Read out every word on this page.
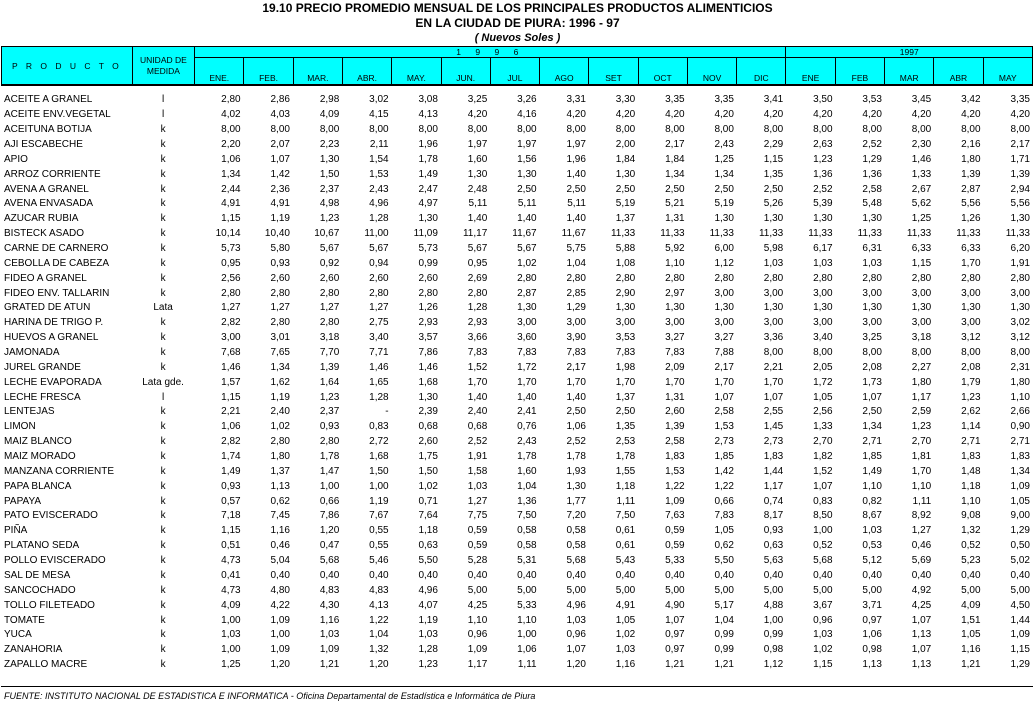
19.10 PRECIO PROMEDIO MENSUAL DE LOS PRINCIPALES PRODUCTOS ALIMENTICIOS
EN LA CIUDAD DE PIURA: 1996 - 97
( Nuevos Soles )
P R O D U C T O	UNIDAD DE MEDIDA	1 9 9 6												1997				
		ENE.	FEB.	MAR.	ABR.	MAY.	JUN.	JUL	AGO	SET	OCT	NOV	DIC	ENE	FEB	MAR	ABR	MAY
ACEITE A GRANEL	l	2,80	2,86	2,98	3,02	3,08	3,25	3,26	3,31	3,30	3,35	3,35	3,41	3,50	3,53	3,45	3,42	3,35
ACEITE ENV.VEGETAL	l	4,02	4,03	4,09	4,15	4,13	4,20	4,16	4,20	4,20	4,20	4,20	4,20	4,20	4,20	4,20	4,20	4,20
ACEITUNA BOTIJA	k	8,00	8,00	8,00	8,00	8,00	8,00	8,00	8,00	8,00	8,00	8,00	8,00	8,00	8,00	8,00	8,00	8,00
AJI ESCABECHE	k	2,20	2,07	2,23	2,11	1,96	1,97	1,97	1,97	2,00	2,17	2,43	2,29	2,63	2,52	2,30	2,16	2,17
APIO	k	1,06	1,07	1,30	1,54	1,78	1,60	1,56	1,96	1,84	1,84	1,25	1,15	1,23	1,29	1,46	1,80	1,71
ARROZ CORRIENTE	k	1,34	1,42	1,50	1,53	1,49	1,30	1,30	1,40	1,30	1,34	1,34	1,35	1,36	1,36	1,33	1,39	1,39
AVENA A GRANEL	k	2,44	2,36	2,37	2,43	2,47	2,48	2,50	2,50	2,50	2,50	2,50	2,50	2,52	2,58	2,67	2,87	2,94
AVENA ENVASADA	k	4,91	4,91	4,98	4,96	4,97	5,11	5,11	5,11	5,19	5,21	5,19	5,26	5,39	5,48	5,62	5,56	5,56
AZUCAR RUBIA	k	1,15	1,19	1,23	1,28	1,30	1,40	1,40	1,40	1,37	1,31	1,30	1,30	1,30	1,30	1,25	1,26	1,30
BISTECK ASADO	k	10,14	10,40	10,67	11,00	11,09	11,17	11,67	11,67	11,33	11,33	11,33	11,33	11,33	11,33	11,33	11,33	11,33
CARNE DE CARNERO	k	5,73	5,80	5,67	5,67	5,73	5,67	5,67	5,75	5,88	5,92	6,00	5,98	6,17	6,31	6,33	6,33	6,20
CEBOLLA DE CABEZA	k	0,95	0,93	0,92	0,94	0,99	0,95	1,02	1,04	1,08	1,10	1,12	1,03	1,03	1,03	1,15	1,70	1,91
FIDEO A GRANEL	k	2,56	2,60	2,60	2,60	2,60	2,69	2,80	2,80	2,80	2,80	2,80	2,80	2,80	2,80	2,80	2,80	2,80
FIDEO ENV. TALLARIN	k	2,80	2,80	2,80	2,80	2,80	2,80	2,87	2,85	2,90	2,97	3,00	3,00	3,00	3,00	3,00	3,00	3,00
GRATED DE ATUN	Lata	1,27	1,27	1,27	1,27	1,26	1,28	1,30	1,29	1,30	1,30	1,30	1,30	1,30	1,30	1,30	1,30	1,30
HARINA DE TRIGO P.	k	2,82	2,80	2,80	2,75	2,93	2,93	3,00	3,00	3,00	3,00	3,00	3,00	3,00	3,00	3,00	3,00	3,02
HUEVOS A GRANEL	k	3,00	3,01	3,18	3,40	3,57	3,66	3,60	3,90	3,53	3,27	3,27	3,36	3,40	3,25	3,18	3,12	3,12
JAMONADA	k	7,68	7,65	7,70	7,71	7,86	7,83	7,83	7,83	7,83	7,83	7,88	8,00	8,00	8,00	8,00	8,00	8,00
JUREL GRANDE	k	1,46	1,34	1,39	1,46	1,46	1,52	1,72	2,17	1,98	2,09	2,17	2,21	2,05	2,08	2,27	2,08	2,31
LECHE EVAPORADA	Lata gde.	1,57	1,62	1,64	1,65	1,68	1,70	1,70	1,70	1,70	1,70	1,70	1,70	1,72	1,73	1,80	1,79	1,80
LECHE FRESCA	l	1,15	1,19	1,23	1,28	1,30	1,40	1,40	1,40	1,37	1,31	1,07	1,07	1,05	1,07	1,17	1,23	1,10
LENTEJAS	k	2,21	2,40	2,37	-	2,39	2,40	2,41	2,50	2,50	2,60	2,58	2,55	2,56	2,50	2,59	2,62	2,66
LIMON	k	1,06	1,02	0,93	0,83	0,68	0,68	0,76	1,06	1,35	1,39	1,53	1,45	1,33	1,34	1,23	1,14	0,90
MAIZ BLANCO	k	2,82	2,80	2,80	2,72	2,60	2,52	2,43	2,52	2,53	2,58	2,73	2,73	2,70	2,71	2,70	2,71	2,71
MAIZ MORADO	k	1,74	1,80	1,78	1,68	1,75	1,91	1,78	1,78	1,78	1,83	1,85	1,83	1,82	1,85	1,81	1,83	1,83
MANZANA CORRIENTE	k	1,49	1,37	1,47	1,50	1,50	1,58	1,60	1,93	1,55	1,53	1,42	1,44	1,52	1,49	1,70	1,48	1,34
PAPA BLANCA	k	0,93	1,13	1,00	1,00	1,02	1,03	1,04	1,30	1,18	1,22	1,22	1,17	1,07	1,10	1,10	1,18	1,09
PAPAYA	k	0,57	0,62	0,66	1,19	0,71	1,27	1,36	1,77	1,11	1,09	0,66	0,74	0,83	0,82	1,11	1,10	1,05
PATO EVISCERADO	k	7,18	7,45	7,86	7,67	7,64	7,75	7,50	7,20	7,50	7,63	7,83	8,17	8,50	8,67	8,92	9,08	9,00
PIÑA	k	1,15	1,16	1,20	0,55	1,18	0,59	0,58	0,58	0,61	0,59	1,05	0,93	1,00	1,03	1,27	1,32	1,29
PLATANO SEDA	k	0,51	0,46	0,47	0,55	0,63	0,59	0,58	0,58	0,61	0,59	0,62	0,63	0,52	0,53	0,46	0,52	0,50
POLLO EVISCERADO	k	4,73	5,04	5,68	5,46	5,50	5,28	5,31	5,68	5,43	5,33	5,50	5,63	5,68	5,12	5,69	5,23	5,02
SAL DE MESA	k	0,41	0,40	0,40	0,40	0,40	0,40	0,40	0,40	0,40	0,40	0,40	0,40	0,40	0,40	0,40	0,40	0,40
SANCOCHADO	k	4,73	4,80	4,83	4,83	4,96	5,00	5,00	5,00	5,00	5,00	5,00	5,00	5,00	5,00	4,92	5,00	5,00
TOLLO FILETEADO	k	4,09	4,22	4,30	4,13	4,07	4,25	5,33	4,96	4,91	4,90	5,17	4,88	3,67	3,71	4,25	4,09	4,50
TOMATE	k	1,00	1,09	1,16	1,22	1,19	1,10	1,10	1,03	1,05	1,07	1,04	1,00	0,96	0,97	1,07	1,51	1,44
YUCA	k	1,03	1,00	1,03	1,04	1,03	0,96	1,00	0,96	1,02	0,97	0,99	0,99	1,03	1,06	1,13	1,05	1,09
ZANAHORIA	k	1,00	1,09	1,09	1,32	1,28	1,09	1,06	1,07	1,03	0,97	0,99	0,98	1,02	0,98	1,07	1,16	1,15
ZAPALLO MACRE	k	1,25	1,20	1,21	1,20	1,23	1,17	1,11	1,20	1,16	1,21	1,21	1,12	1,15	1,13	1,13	1,21	1,29
FUENTE: INSTITUTO NACIONAL DE ESTADISTICA E INFORMATICA - Oficina Departamental de Estadística e Informática de Piura
